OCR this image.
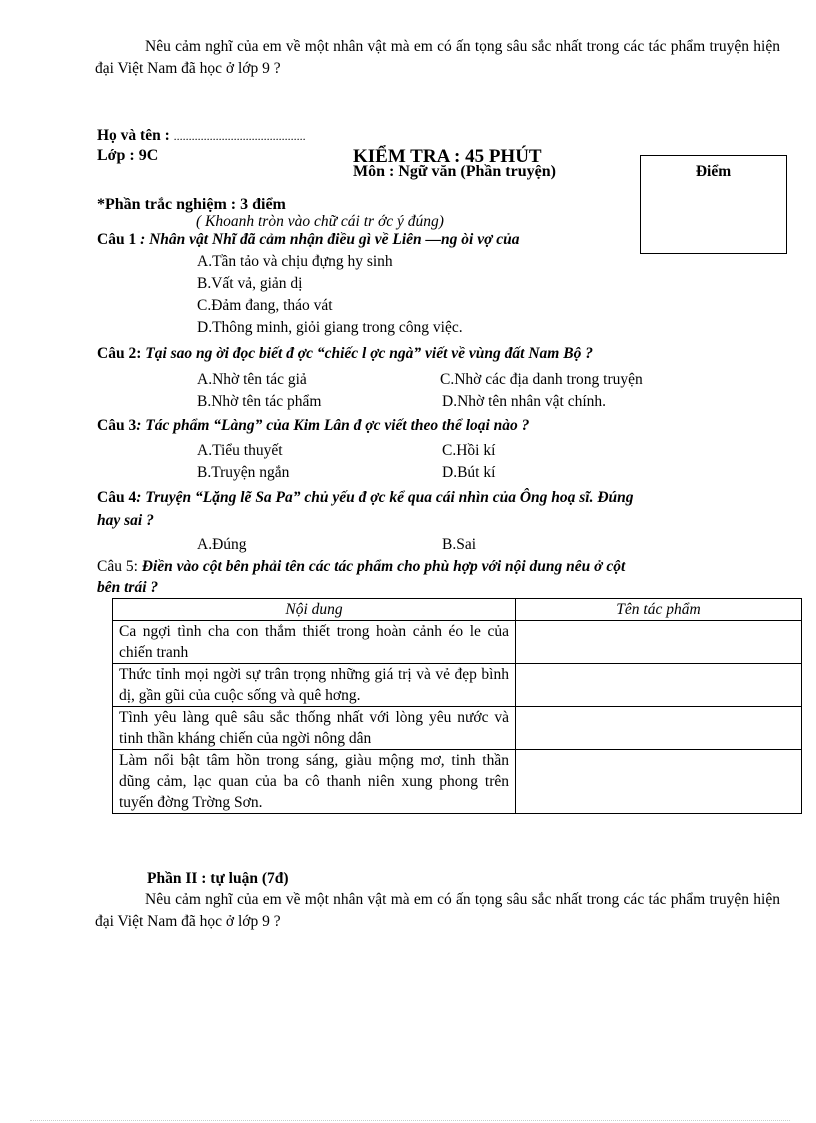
Nêu cảm nghĩ của em về một nhân vật mà em có ấn tọng sâu sắc nhất trong các tác phẩm truyện hiện đại Việt Nam đã học ở lớp 9 ?
Họ và tên : ............................................
Lớp : 9C	KIỂM TRA : 45 PHÚT
Môn : Ngữ văn (Phần truyện)	Điểm
*Phần trắc nghiệm : 3 điểm
( Khoanh tròn vào chữ cái tr ớc ý đúng)
Câu 1 : Nhân vật Nhĩ đã cảm nhận điều gì về Liên —ng òi vợ của
A.Tần tảo và chịu đựng hy sinh
B.Vất vả, giản dị
C.Đảm đang, tháo vát
D.Thông minh, giỏi giang trong công việc.
Câu 2: Tại sao ng ời đọc biết đ ợc “chiếc l ợc ngà” viết về vùng đất Nam Bộ ?
A.Nhờ tên tác giả	C.Nhờ các địa danh trong truyện
B.Nhờ tên tác phẩm	D.Nhờ tên nhân vật chính.
Câu 3: Tác phẩm “Làng” của Kim Lân đ ợc viết theo thể loại nào ?
A.Tiểu thuyết	C.Hồi kí
B.Truyện ngắn	D.Bút kí
Câu 4: Truyện “Lặng lẽ Sa Pa” chủ yếu đ ợc kể qua cái nhìn của Ông hoạ sĩ. Đúng
hay sai ?
A.Đúng	B.Sai
Câu 5: Điền vào cột bên phải tên các tác phẩm cho phù hợp với nội dung nêu ở cột
bên trái ?
Nội dung	Tên tác phẩm
Ca ngợi tình cha con thắm thiết trong hoàn cảnh éo le của chiến tranh	
Thức tỉnh mọi ngời sự trân trọng những giá trị và vẻ đẹp bình dị, gần gũi của cuộc sống và quê hơng.	
Tình yêu làng quê sâu sắc thống nhất với lòng yêu nước và tinh thần kháng chiến của ngời nông dân	
Làm nổi bật tâm hồn trong sáng, giàu mộng mơ, tinh thần dũng cảm, lạc quan của ba cô thanh niên xung phong trên tuyến đờng Trờng Sơn.	
Phần II : tự luận (7đ)
Nêu cảm nghĩ của em về một nhân vật mà em có ấn tọng sâu sắc nhất trong các tác phẩm truyện hiện đại Việt Nam đã học ở lớp 9 ?
